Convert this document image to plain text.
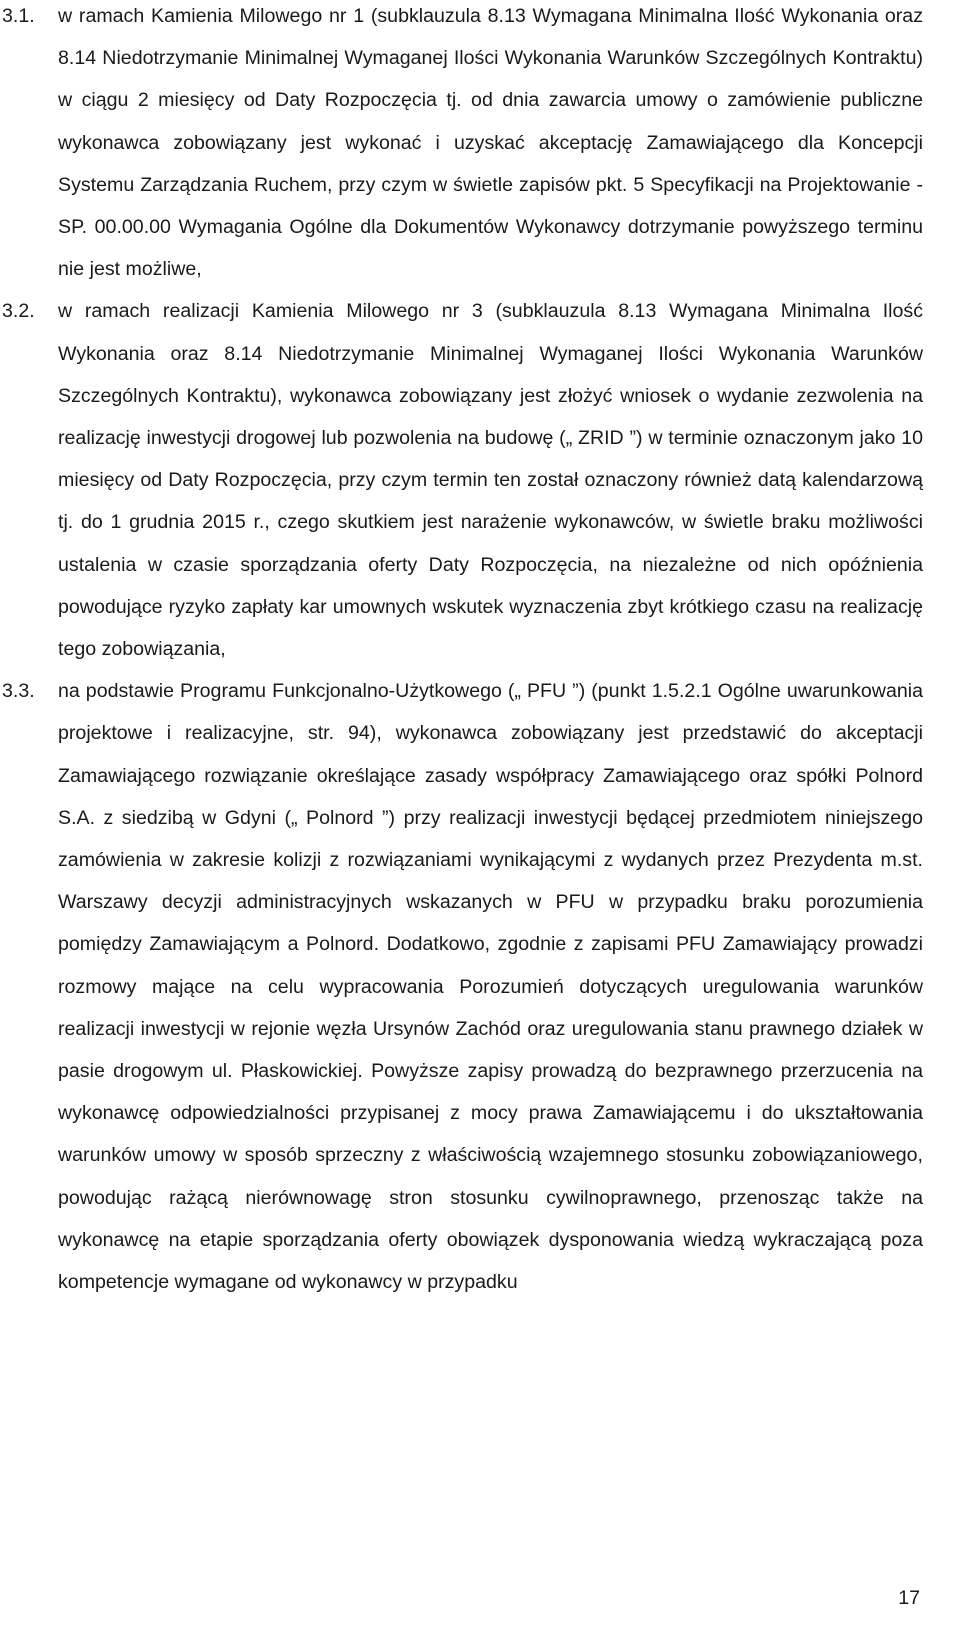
3.1. w ramach Kamienia Milowego nr 1 (subklauzula 8.13 Wymagana Minimalna Ilość Wykonania oraz 8.14 Niedotrzymanie Minimalnej Wymaganej Ilości Wykonania Warunków Szczególnych Kontraktu) w ciągu 2 miesięcy od Daty Rozpoczęcia tj. od dnia zawarcia umowy o zamówienie publiczne wykonawca zobowiązany jest wykonać i uzyskać akceptację Zamawiającego dla Koncepcji Systemu Zarządzania Ruchem, przy czym w świetle zapisów pkt. 5 Specyfikacji na Projektowanie - SP. 00.00.00 Wymagania Ogólne dla Dokumentów Wykonawcy dotrzymanie powyższego terminu nie jest możliwe,
3.2. w ramach realizacji Kamienia Milowego nr 3 (subklauzula 8.13 Wymagana Minimalna Ilość Wykonania oraz 8.14 Niedotrzymanie Minimalnej Wymaganej Ilości Wykonania Warunków Szczególnych Kontraktu), wykonawca zobowiązany jest złożyć wniosek o wydanie zezwolenia na realizację inwestycji drogowej lub pozwolenia na budowę („ ZRID ”) w terminie oznaczonym jako 10 miesięcy od Daty Rozpoczęcia, przy czym termin ten został oznaczony również datą kalendarzową tj. do 1 grudnia 2015 r., czego skutkiem jest narażenie wykonawców, w świetle braku możliwości ustalenia w czasie sporządzania oferty Daty Rozpoczęcia, na niezależne od nich opóźnienia powodujące ryzyko zapłaty kar umownych wskutek wyznaczenia zbyt krótkiego czasu na realizację tego zobowiązania,
3.3. na podstawie Programu Funkcjonalno-Użytkowego („ PFU ”) (punkt 1.5.2.1 Ogólne uwarunkowania projektowe i realizacyjne, str. 94), wykonawca zobowiązany jest przedstawić do akceptacji Zamawiającego rozwiązanie określające zasady współpracy Zamawiającego oraz spółki Polnord S.A. z siedzibą w Gdyni („ Polnord ”) przy realizacji inwestycji będącej przedmiotem niniejszego zamówienia w zakresie kolizji z rozwiązaniami wynikającymi z wydanych przez Prezydenta m.st. Warszawy decyzji administracyjnych wskazanych w PFU w przypadku braku porozumienia pomiędzy Zamawiającym a Polnord. Dodatkowo, zgodnie z zapisami PFU Zamawiający prowadzi rozmowy mające na celu wypracowania Porozumień dotyczących uregulowania warunków realizacji inwestycji w rejonie węzła Ursynów Zachód oraz uregulowania stanu prawnego działek w pasie drogowym ul. Płaskowickiej. Powyższe zapisy prowadzą do bezprawnego przerzucenia na wykonawcę odpowiedzialności przypisanej z mocy prawa Zamawiającemu i do ukształtowania warunków umowy w sposób sprzeczny z właściwością wzajemnego stosunku zobowiązaniowego, powodując rażącą nierównowagę stron stosunku cywilnoprawnego, przenosząc także na wykonawcę na etapie sporządzania oferty obowiązek dysponowania wiedzą wykraczającą poza kompetencje wymagane od wykonawcy w przypadku
17
